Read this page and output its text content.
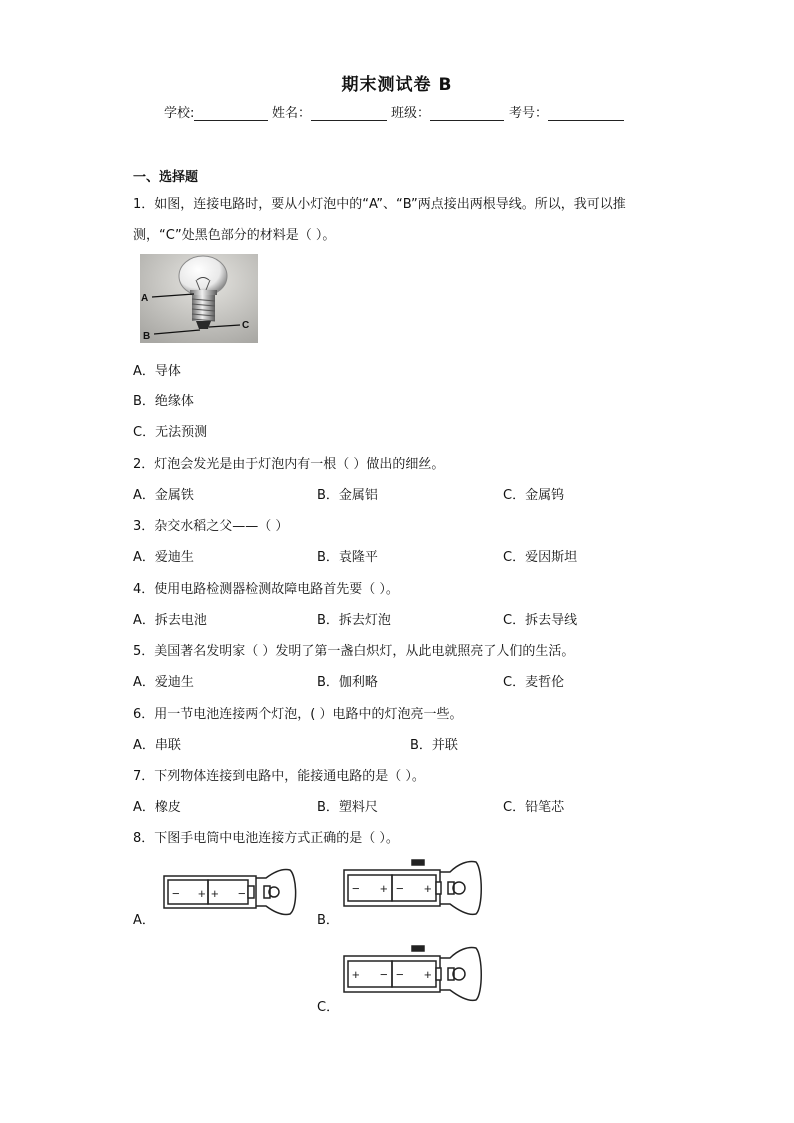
期末测试卷 B
学校:	姓名：	班级：	考号：
一、选择题
1．如图，连接电路时，要从小灯泡中的“A”、“B”两点接出两根导线。所以，我可以推
测，“C”处黑色部分的材料是（ ）。
A
B
C
A．导体
B．绝缘体
C．无法预测
2．灯泡会发光是由于灯泡内有一根（ ）做出的细丝。
A．金属铁	B．金属铝	C．金属钨
3．杂交水稻之父——（ ）
A．爱迪生	B．袁隆平	C．爱因斯坦
4．使用电路检测器检测故障电路首先要（ ）。
A．拆去电池	B．拆去灯泡	C．拆去导线
5．美国著名发明家（ ）发明了第一盏白炽灯，从此电就照亮了人们的生活。
A．爱迪生	B．伽利略	C．麦哲伦
6．用一节电池连接两个灯泡，( ）电路中的灯泡亮一些。
A．串联	B．并联
7．下列物体连接到电路中，能接通电路的是（ ）。
A．橡皮	B．塑料尺	C．铅笔芯
8．下图手电筒中电池连接方式正确的是（ ）。
A．	B．
C．
− + + −	− + − +
+ − − +
